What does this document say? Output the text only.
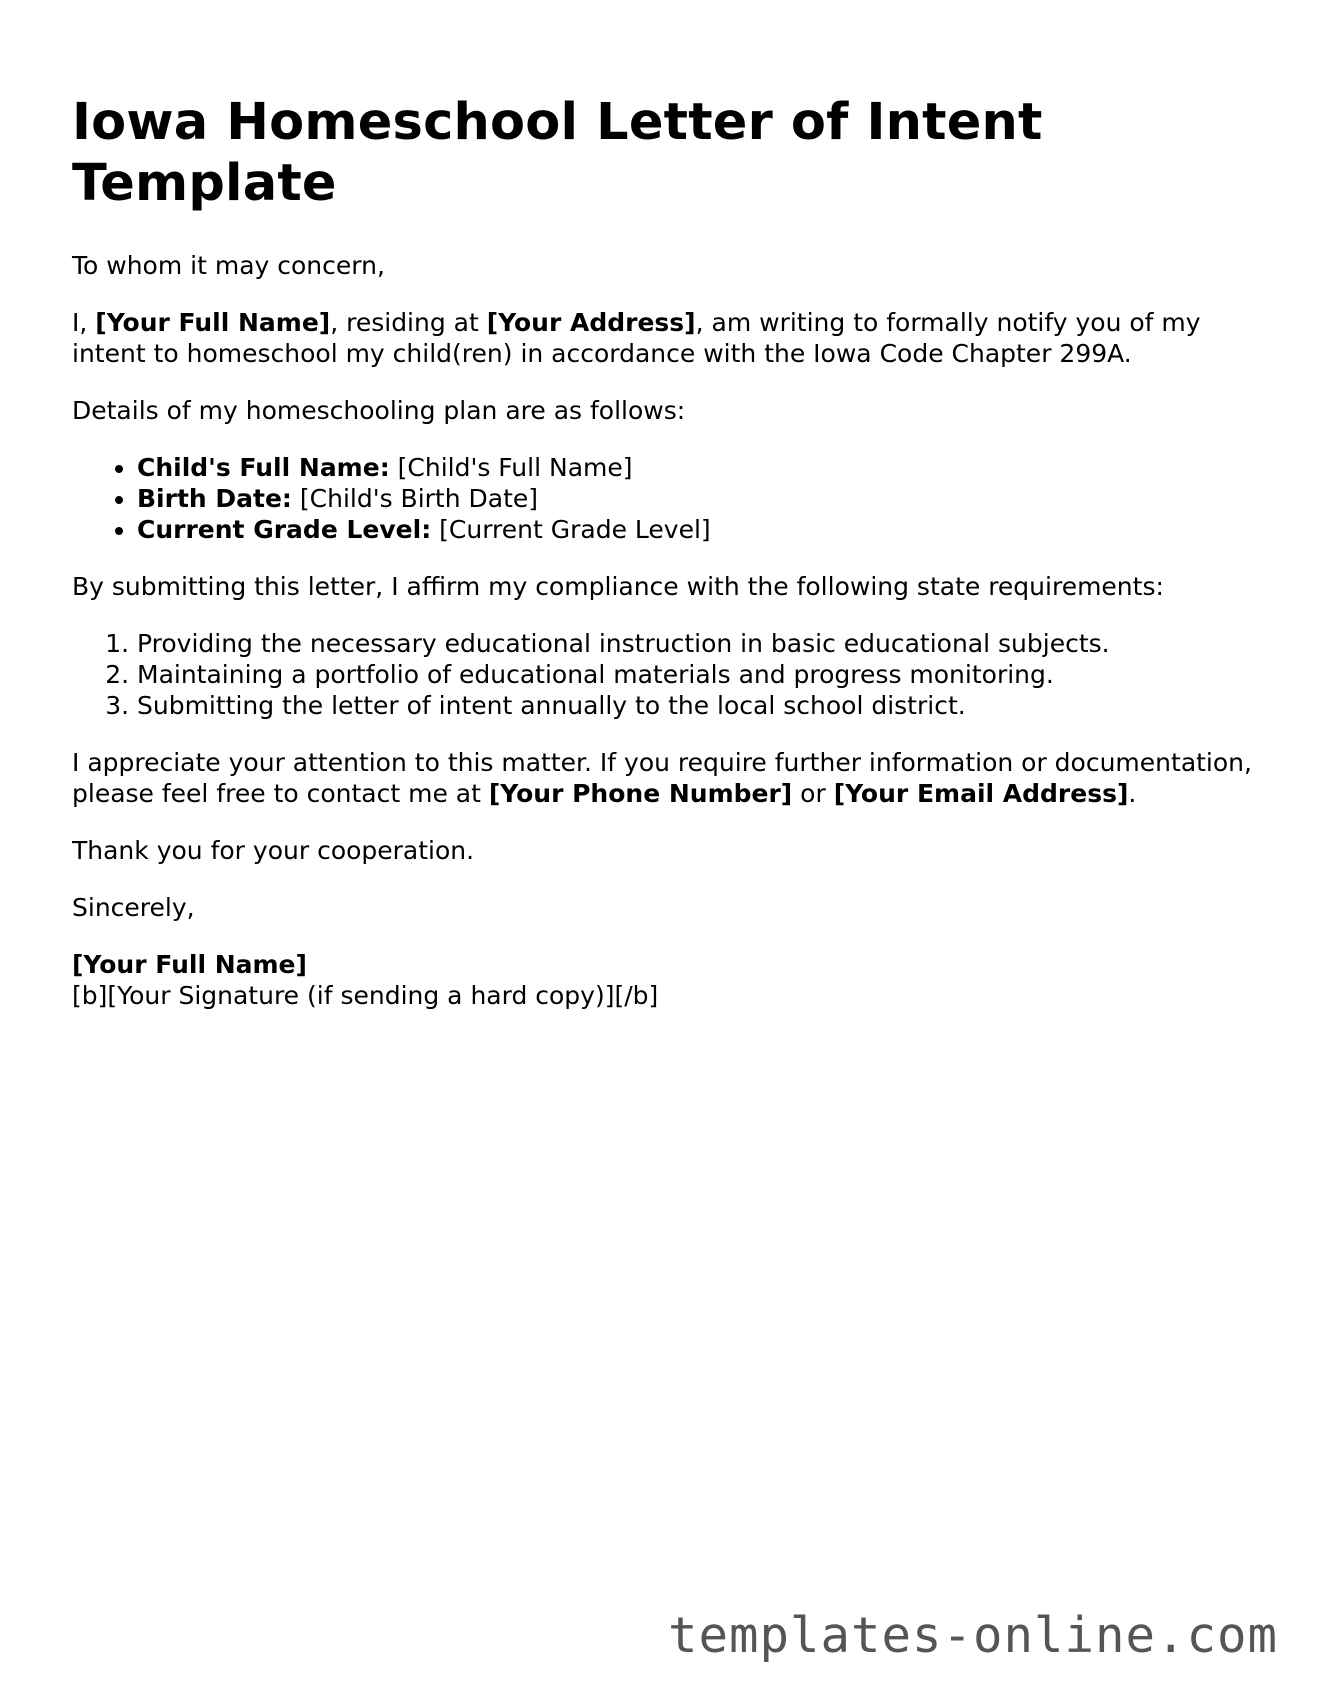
Iowa Homeschool Letter of Intent Template

To whom it may concern,

I, [Your Full Name], residing at [Your Address], am writing to formally notify you of my intent to homeschool my child(ren) in accordance with the Iowa Code Chapter 299A.

Details of my homeschooling plan are as follows:

• Child's Full Name: [Child's Full Name]
• Birth Date: [Child's Birth Date]
• Current Grade Level: [Current Grade Level]

By submitting this letter, I affirm my compliance with the following state requirements:

1. Providing the necessary educational instruction in basic educational subjects.
2. Maintaining a portfolio of educational materials and progress monitoring.
3. Submitting the letter of intent annually to the local school district.

I appreciate your attention to this matter. If you require further information or documentation, please feel free to contact me at [Your Phone Number] or [Your Email Address].

Thank you for your cooperation.

Sincerely,

[Your Full Name]
[b][Your Signature (if sending a hard copy)][/b]

templates-online.com
